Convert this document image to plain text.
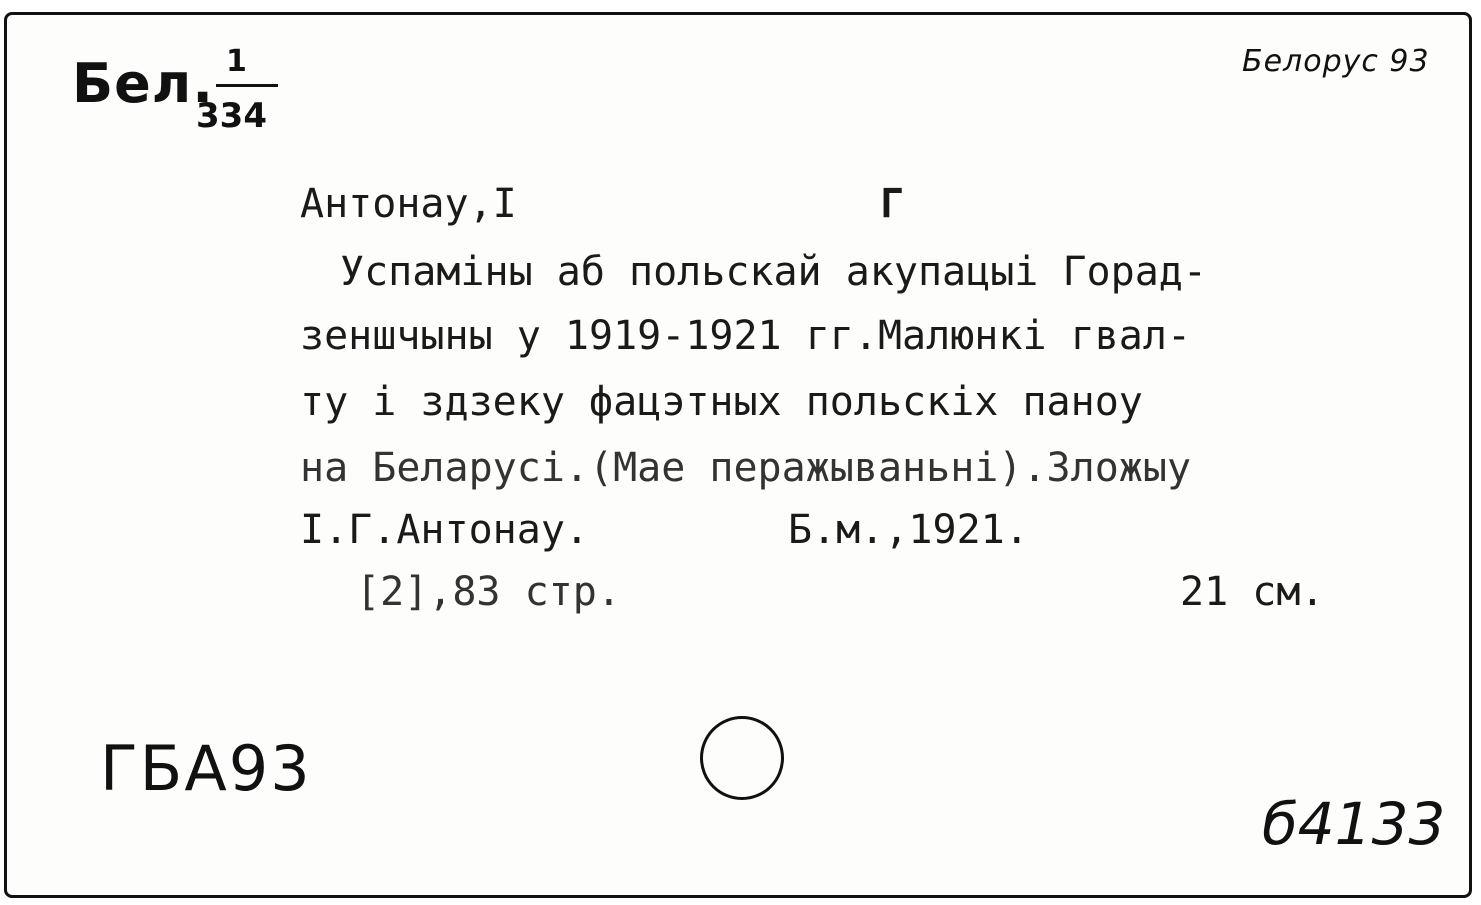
Бел. 1
334
Белорус 93
Антонау,І	Г
Успаміны аб польскай акупацыі Горад-
зеншчыны у 1919-1921 гг.Малюнкі гвал-
ту і здзеку фацэтных польскіх паноу
на Беларусі.(Мае перажываньні).Зложыу
І.Г.Антонау.	Б.м.,1921.
[2],83 стр.	21 см.
ГБА93
б4133
